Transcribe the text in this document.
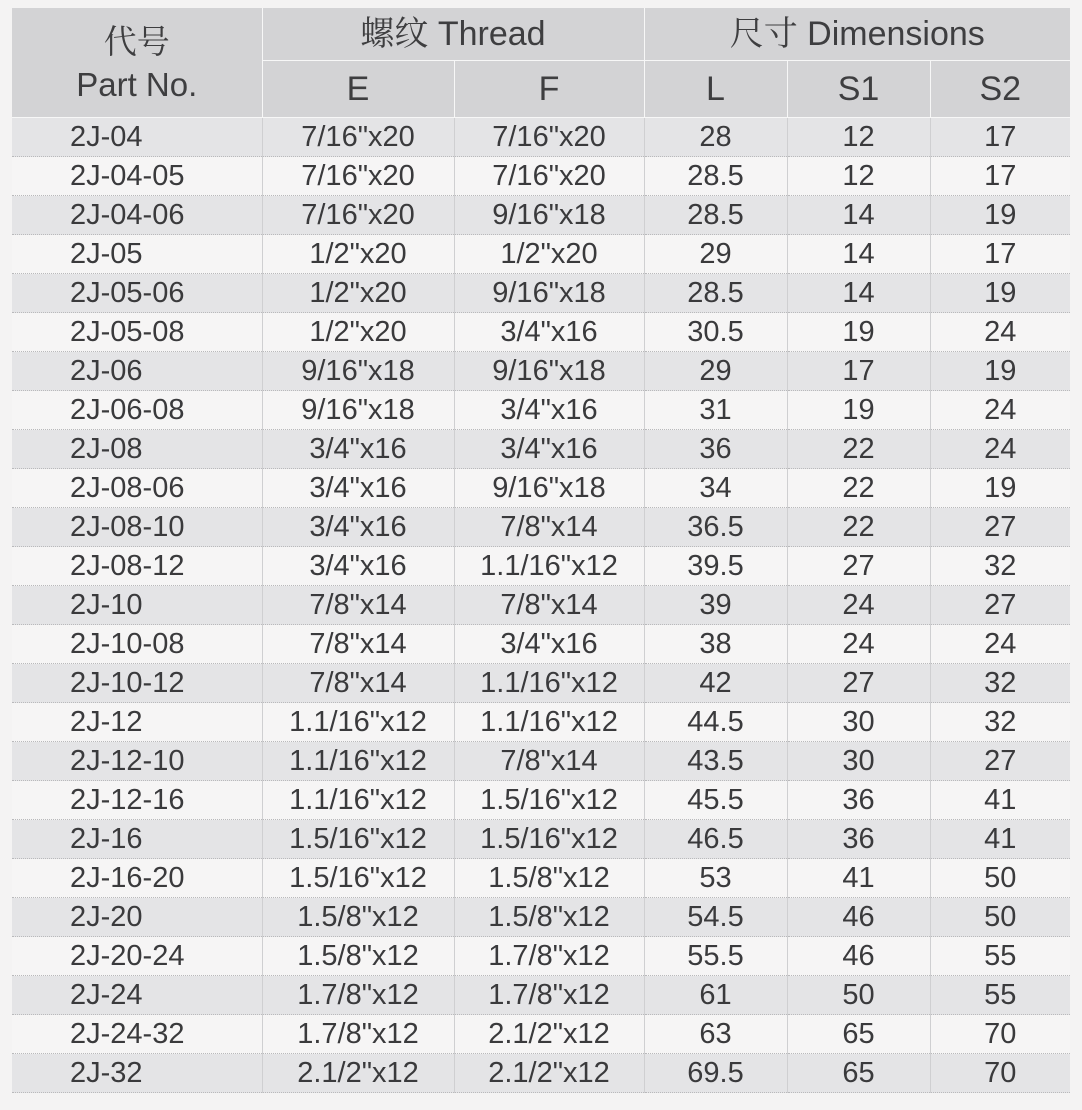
代号
Part No.	螺纹 Thread		尺寸 Dimensions		
	E	F	L	S1	S2
2J-04	7/16"x20	7/16"x20	28	12	17
2J-04-05	7/16"x20	7/16"x20	28.5	12	17
2J-04-06	7/16"x20	9/16"x18	28.5	14	19
2J-05	1/2"x20	1/2"x20	29	14	17
2J-05-06	1/2"x20	9/16"x18	28.5	14	19
2J-05-08	1/2"x20	3/4"x16	30.5	19	24
2J-06	9/16"x18	9/16"x18	29	17	19
2J-06-08	9/16"x18	3/4"x16	31	19	24
2J-08	3/4"x16	3/4"x16	36	22	24
2J-08-06	3/4"x16	9/16"x18	34	22	19
2J-08-10	3/4"x16	7/8"x14	36.5	22	27
2J-08-12	3/4"x16	1.1/16"x12	39.5	27	32
2J-10	7/8"x14	7/8"x14	39	24	27
2J-10-08	7/8"x14	3/4"x16	38	24	24
2J-10-12	7/8"x14	1.1/16"x12	42	27	32
2J-12	1.1/16"x12	1.1/16"x12	44.5	30	32
2J-12-10	1.1/16"x12	7/8"x14	43.5	30	27
2J-12-16	1.1/16"x12	1.5/16"x12	45.5	36	41
2J-16	1.5/16"x12	1.5/16"x12	46.5	36	41
2J-16-20	1.5/16"x12	1.5/8"x12	53	41	50
2J-20	1.5/8"x12	1.5/8"x12	54.5	46	50
2J-20-24	1.5/8"x12	1.7/8"x12	55.5	46	55
2J-24	1.7/8"x12	1.7/8"x12	61	50	55
2J-24-32	1.7/8"x12	2.1/2"x12	63	65	70
2J-32	2.1/2"x12	2.1/2"x12	69.5	65	70
